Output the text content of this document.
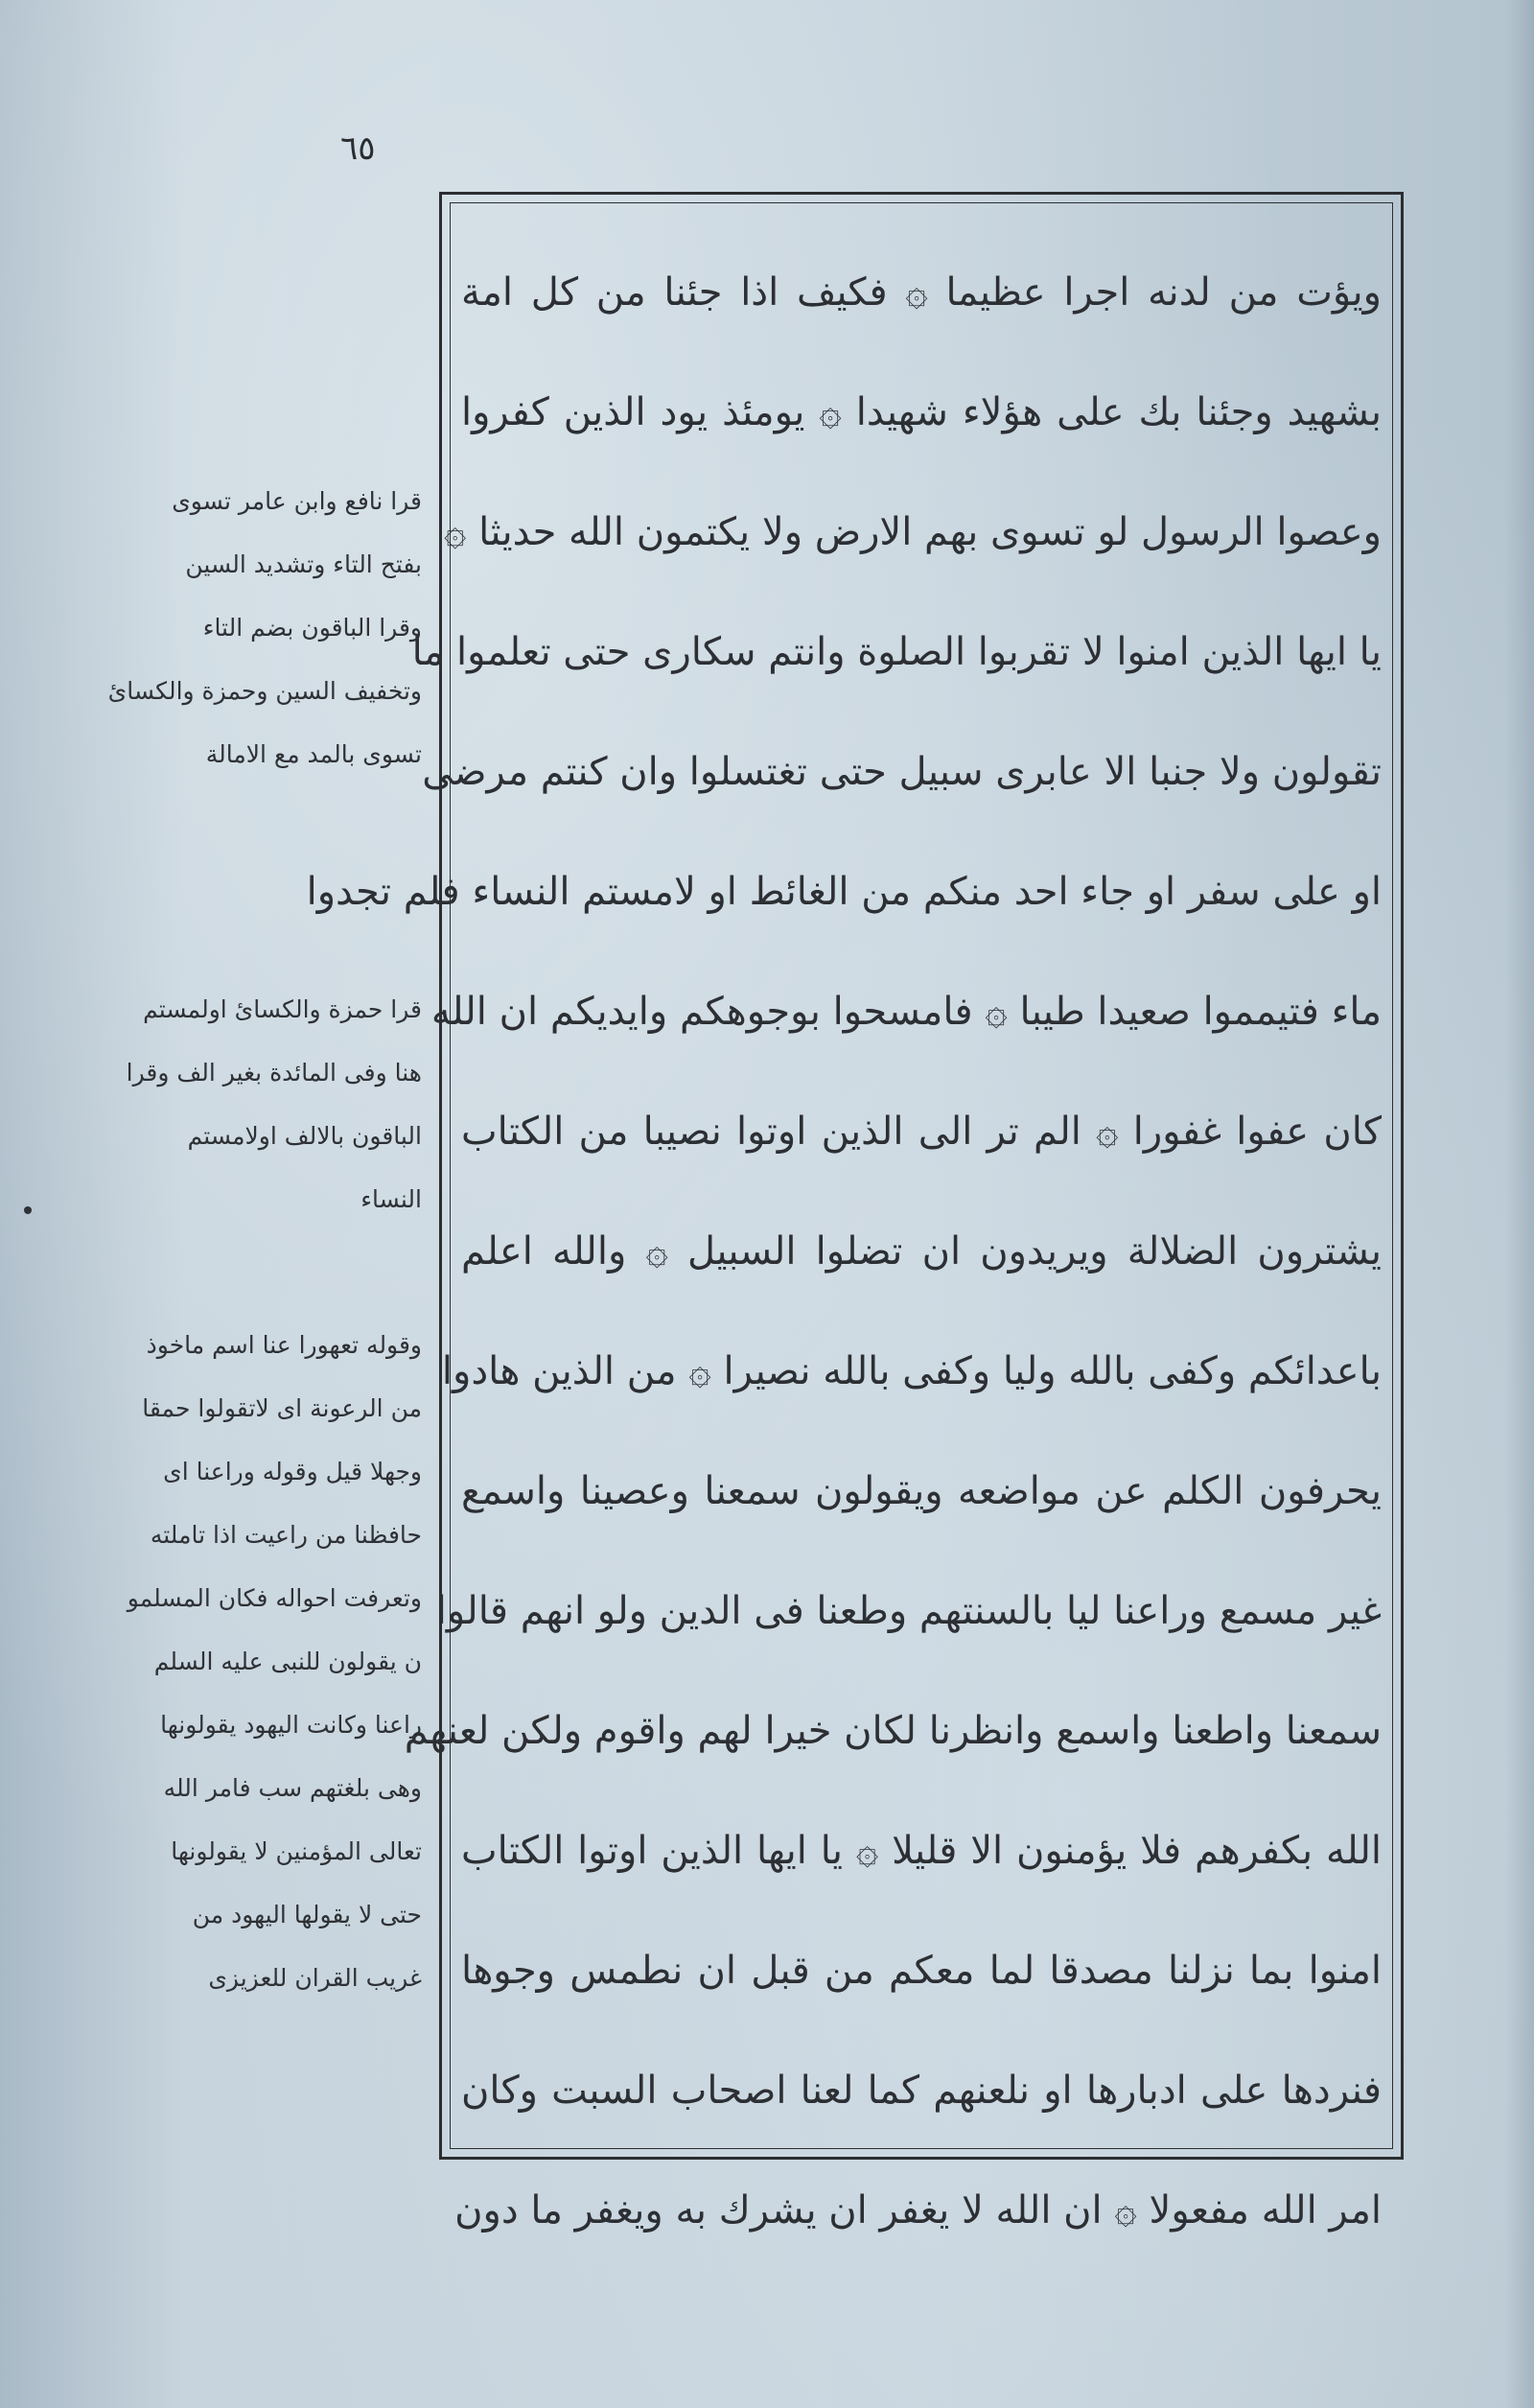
٦٥
ويؤت من لدنه اجرا عظيما ۞ فكيف اذا جئنا من كل امة
بشهيد وجئنا بك على هؤلاء شهيدا ۞ يومئذ يود الذين كفروا
وعصوا الرسول لو تسوى بهم الارض ولا يكتمون الله حديثا ۞
يا ايها الذين امنوا لا تقربوا الصلوة وانتم سكارى حتى تعلموا ما
تقولون ولا جنبا الا عابرى سبيل حتى تغتسلوا وان كنتم مرضى
او على سفر او جاء احد منكم من الغائط او لامستم النساء فلم تجدوا
ماء فتيمموا صعيدا طيبا ۞ فامسحوا بوجوهكم وايديكم ان الله
كان عفوا غفورا ۞ الم تر الى الذين اوتوا نصيبا من الكتاب
يشترون الضلالة ويريدون ان تضلوا السبيل ۞ والله اعلم
باعدائكم وكفى بالله وليا وكفى بالله نصيرا ۞ من الذين هادوا
يحرفون الكلم عن مواضعه ويقولون سمعنا وعصينا واسمع
غير مسمع وراعنا ليا بالسنتهم وطعنا فى الدين ولو انهم قالوا
سمعنا واطعنا واسمع وانظرنا لكان خيرا لهم واقوم ولكن لعنهم
الله بكفرهم فلا يؤمنون الا قليلا ۞ يا ايها الذين اوتوا الكتاب
امنوا بما نزلنا مصدقا لما معكم من قبل ان نطمس وجوها
فنردها على ادبارها او نلعنهم كما لعنا اصحاب السبت وكان
امر الله مفعولا ۞ ان الله لا يغفر ان يشرك به ويغفر ما دون
قرا نافع وابن عامر تسوى
بفتح التاء وتشديد السين
وقرا الباقون بضم التاء
وتخفيف السين وحمزة والكسائ
تسوى بالمد مع الامالة
قرا حمزة والكسائ اولمستم
هنا وفى المائدة بغير الف وقرا
الباقون بالالف اولامستم
النساء
وقوله تعهورا عنا اسم ماخوذ
من الرعونة اى لاتقولوا حمقا
وجهلا قيل وقوله وراعنا اى
حافظنا من راعيت اذا تاملته
وتعرفت احواله فكان المسلمو
ن يقولون للنبى عليه السلم
راعنا وكانت اليهود يقولونها
وهى بلغتهم سب فامر الله
تعالى المؤمنين لا يقولونها
حتى لا يقولها اليهود من
غريب القران للعزيزى
